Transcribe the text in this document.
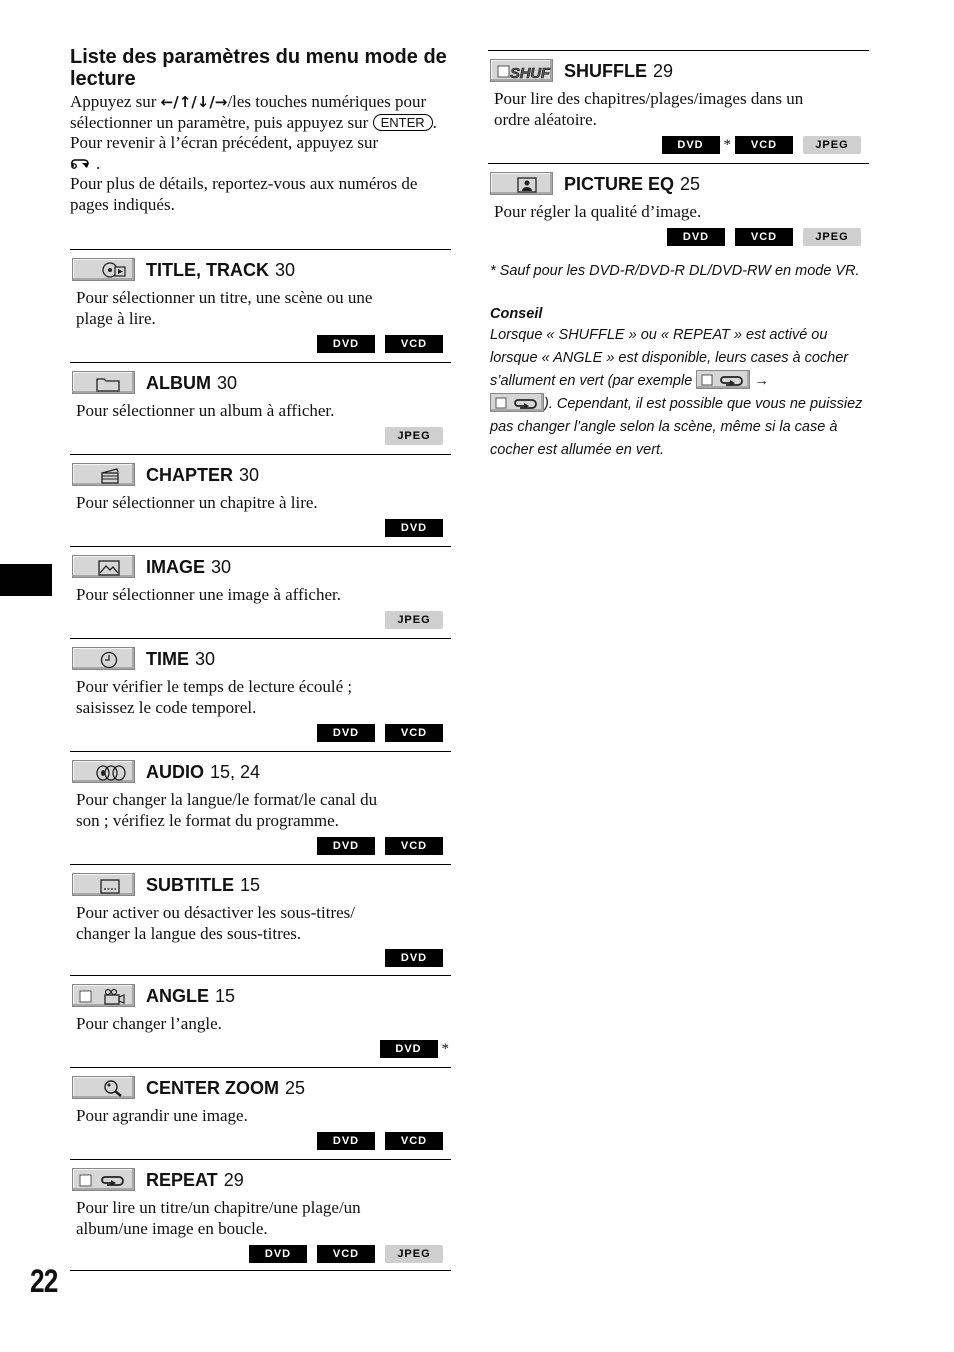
22
Liste des paramètres du menu mode de lecture
Appuyez sur ←/↑/↓/→/les touches numériques pour sélectionner un paramètre, puis appuyez sur ENTER .
Pour revenir à l’écran précédent, appuyez sur
.
Pour plus de détails, reportez-vous aux numéros de pages indiqués.
TITLE, TRACK 30
Pour sélectionner un titre, une scène ou une
plage à lire.
DVD	VCD
ALBUM 30
Pour sélectionner un album à afficher.
JPEG
CHAPTER 30
Pour sélectionner un chapitre à lire.
DVD
IMAGE 30
Pour sélectionner une image à afficher.
JPEG
TIME 30
Pour vérifier le temps de lecture écoulé ;
saisissez le code temporel.
DVD	VCD
AUDIO 15, 24
Pour changer la langue/le format/le canal du
son ; vérifiez le format du programme.
DVD	VCD
SUBTITLE 15
Pour activer ou désactiver les sous-titres/
changer la langue des sous-titres.
DVD
ANGLE 15
Pour changer l’angle.
DVD	*
CENTER ZOOM 25
Pour agrandir une image.
DVD	VCD
REPEAT 29
Pour lire un titre/un chapitre/une plage/un
album/une image en boucle.
DVD	VCD	JPEG
SHUF SHUFFLE 29
Pour lire des chapitres/plages/images dans un
ordre aléatoire.
DVD	*	VCD	JPEG
PICTURE EQ 25
Pour régler la qualité d’image.
DVD	VCD	JPEG
* Sauf pour les DVD-R/DVD-R DL/DVD-RW en mode VR.
Conseil
Lorsque « SHUFFLE » ou « REPEAT » est activé ou lorsque « ANGLE » est disponible, leurs cases à cocher s’allument en vert (par exemple	→

). Cependant, il est possible que vous ne puissiez pas changer l’angle selon la scène, même si la case à cocher est allumée en vert.
